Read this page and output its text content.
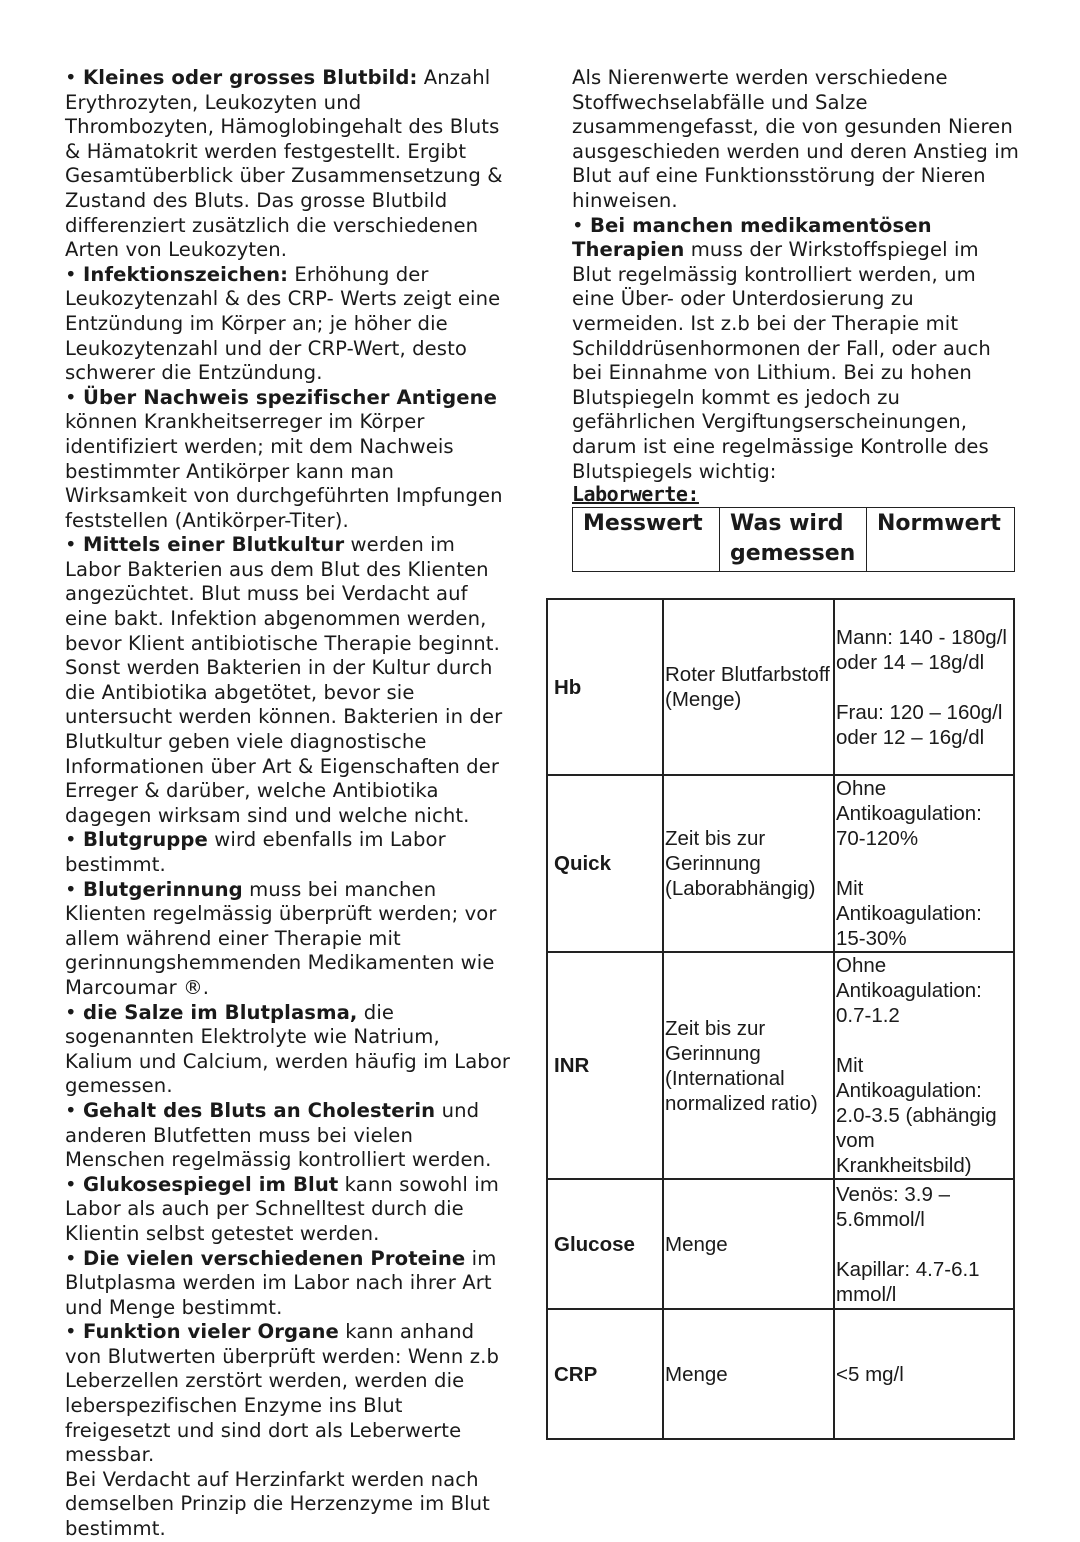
• Kleines oder grosses Blutbild: Anzahl Erythrozyten, Leukozyten und Thrombozyten, Hämoglobingehalt des Bluts & Hämatokrit werden festgestellt. Ergibt Gesamtüberblick über Zusammensetzung & Zustand des Bluts. Das grosse Blutbild differenziert zusätzlich die verschiedenen Arten von Leukozyten.

• Infektionszeichen: Erhöhung der Leukozytenzahl & des CRP- Werts zeigt eine Entzündung im Körper an; je höher die Leukozytenzahl und der CRP-Wert, desto schwerer die Entzündung.

• Über Nachweis spezifischer Antigene können Krankheitserreger im Körper identifiziert werden; mit dem Nachweis bestimmter Antikörper kann man Wirksamkeit von durchgeführten Impfungen feststellen (Antikörper-Titer).

• Mittels einer Blutkultur werden im Labor Bakterien aus dem Blut des Klienten angezüchtet. Blut muss bei Verdacht auf eine bakt. Infektion abgenommen werden, bevor Klient antibiotische Therapie beginnt. Sonst werden Bakterien in der Kultur durch die Antibiotika abgetötet, bevor sie untersucht werden können. Bakterien in der Blutkultur geben viele diagnostische Informationen über Art & Eigenschaften der Erreger & darüber, welche Antibiotika dagegen wirksam sind und welche nicht.

• Blutgruppe wird ebenfalls im Labor bestimmt.

• Blutgerinnung muss bei manchen Klienten regelmässig überprüft werden; vor allem während einer Therapie mit gerinnungshemmenden Medikamenten wie Marcoumar ®.

• die Salze im Blutplasma, die sogenannten Elektrolyte wie Natrium, Kalium und Calcium, werden häufig im Labor gemessen.

• Gehalt des Bluts an Cholesterin und anderen Blutfetten muss bei vielen Menschen regelmässig kontrolliert werden.

• Glukosespiegel im Blut kann sowohl im Labor als auch per Schnelltest durch die Klientin selbst getestet werden.

• Die vielen verschiedenen Proteine im Blutplasma werden im Labor nach ihrer Art und Menge bestimmt.

• Funktion vieler Organe kann anhand von Blutwerten überprüft werden: Wenn z.b Leberzellen zerstört werden, werden die leberspezifischen Enzyme ins Blut freigesetzt und sind dort als Leberwerte messbar.

Bei Verdacht auf Herzinfarkt werden nach demselben Prinzip die Herzenzyme im Blut bestimmt.

Als Nierenwerte werden verschiedene Stoffwechselabfälle und Salze zusammengefasst, die von gesunden Nieren ausgeschieden werden und deren Anstieg im Blut auf eine Funktionsstörung der Nieren hinweisen.

• Bei manchen medikamentösen Therapien muss der Wirkstoffspiegel im Blut regelmässig kontrolliert werden, um eine Über- oder Unterdosierung zu vermeiden. Ist z.b bei der Therapie mit Schilddrüsenhormonen der Fall, oder auch bei Einnahme von Lithium. Bei zu hohen Blutspiegeln kommt es jedoch zu gefährlichen Vergiftungserscheinungen, darum ist eine regelmässige Kontrolle des Blutspiegels wichtig:

Laborwerte:
Messwert	Was wird gemessen	Normwert
Hb	Roter Blutfarbstoff (Menge)	Mann: 140 - 180g/l oder 14 – 18g/dl
Frau: 120 – 160g/l oder 12 – 16g/dl

Quick	Zeit bis zur Gerinnung (Laborabhängig)	Ohne Antikoagulation: 70-120%
Mit Antikoagulation: 15-30%

INR	Zeit bis zur Gerinnung (International normalized ratio)	Ohne Antikoagulation: 0.7-1.2
Mit Antikoagulation: 2.0-3.5 (abhängig vom Krankheitsbild)

Glucose	Menge	Venös: 3.9 – 5.6mmol/l
Kapillar: 4.7-6.1 mmol/l

CRP	Menge	<5 mg/l
